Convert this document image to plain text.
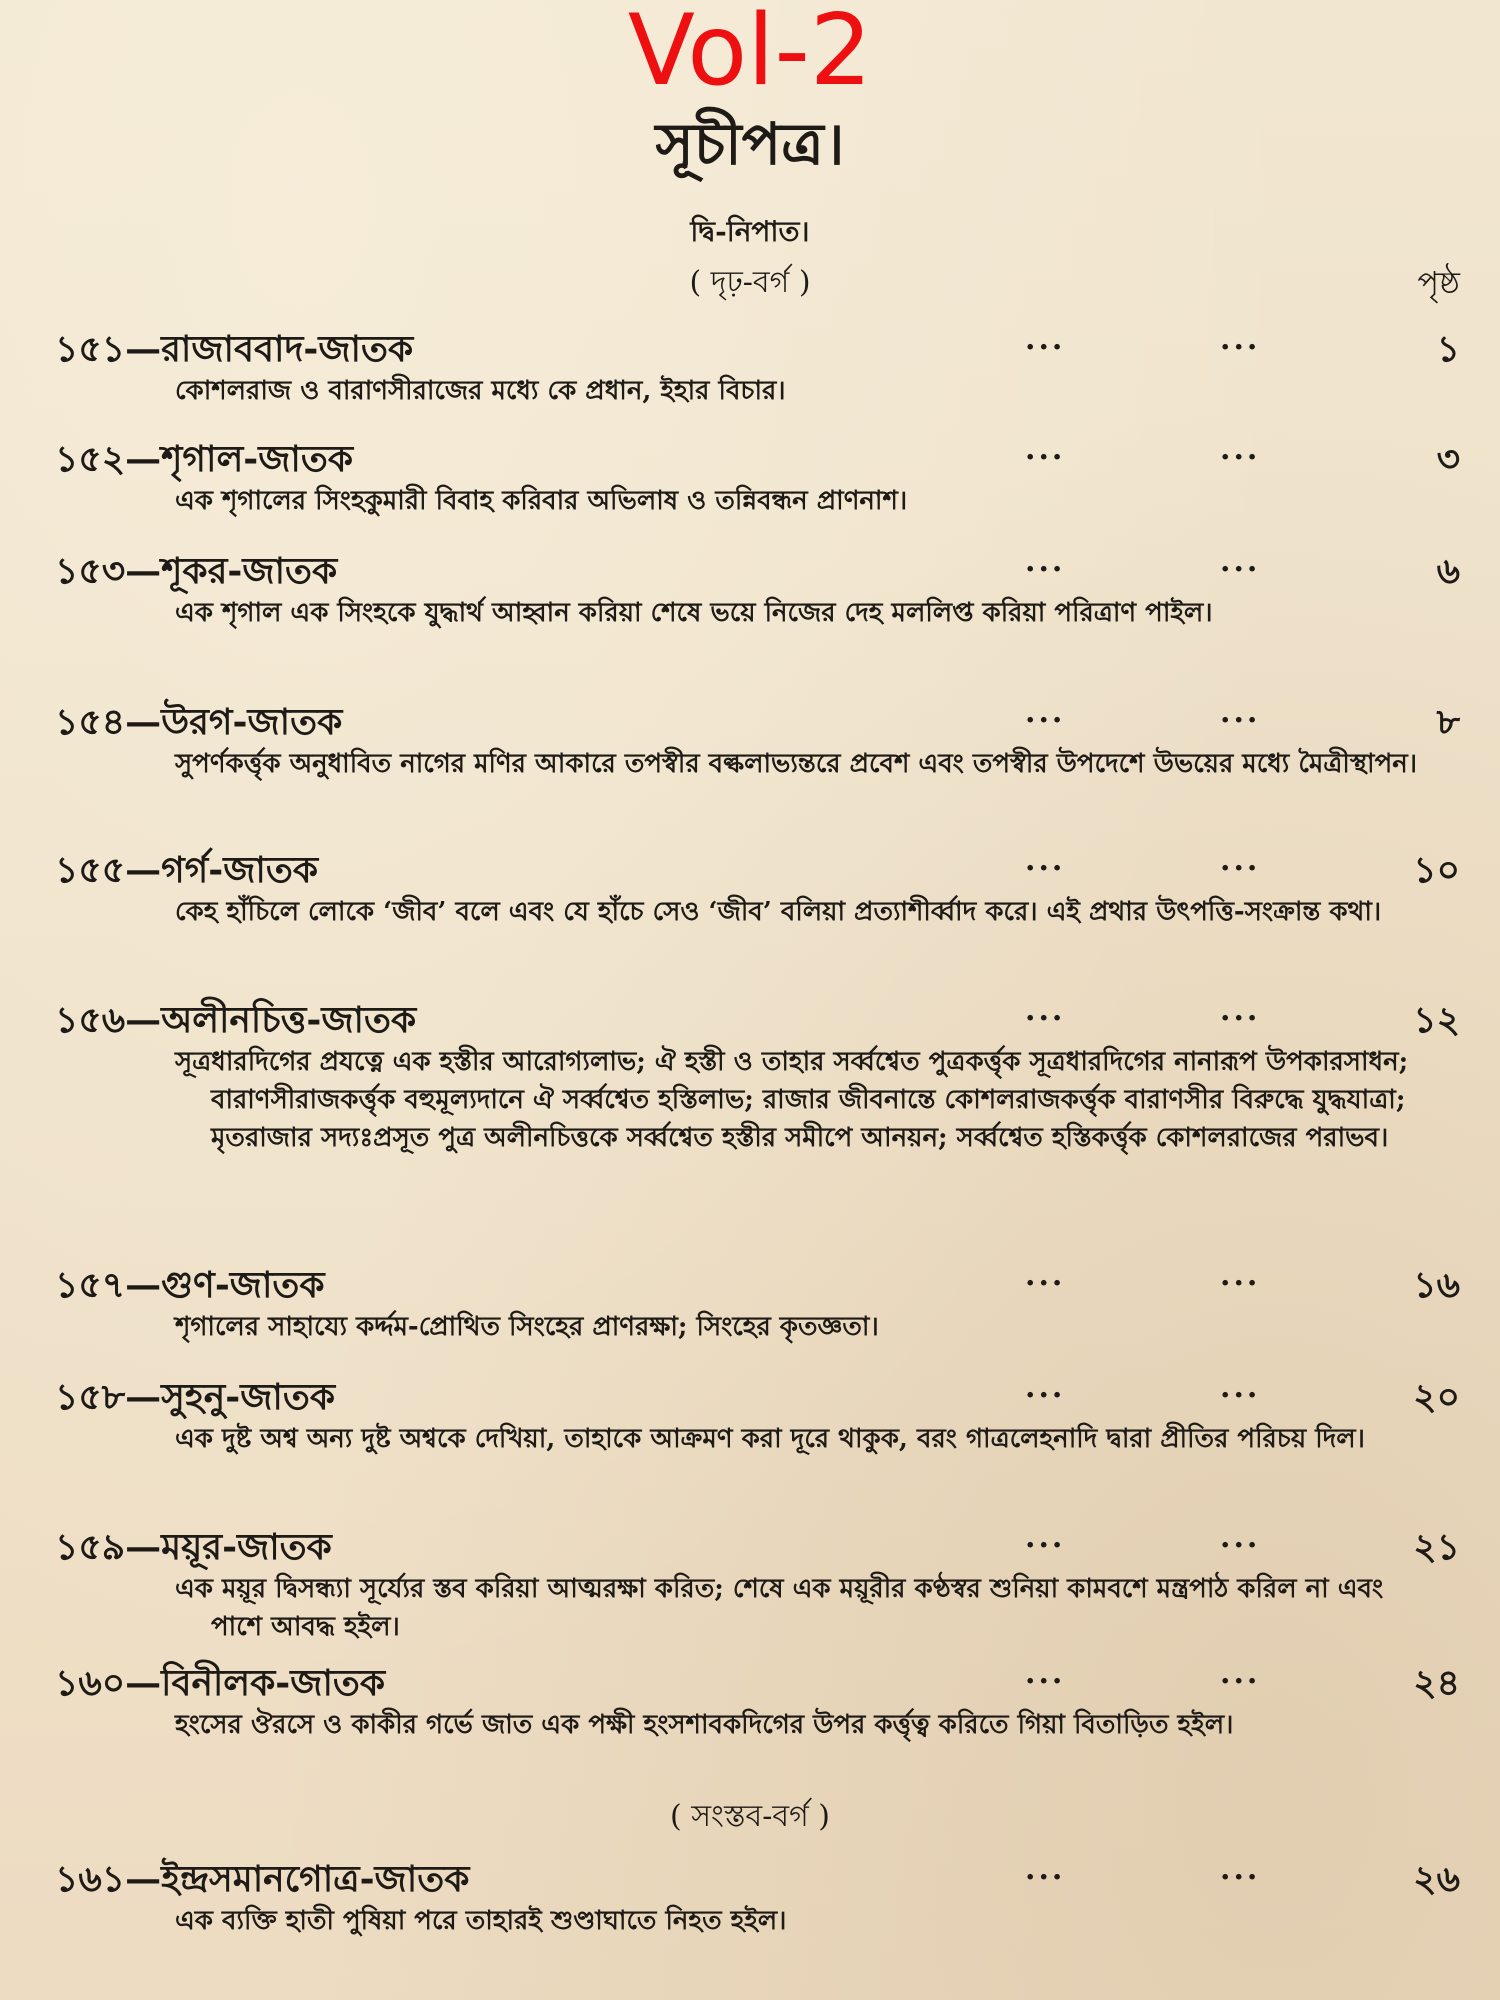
Vol-2
সূচীপত্র।
দ্বি-নিপাত।
( দৃঢ়-বর্গ )	পৃষ্ঠ
১৫১—রাজাববাদ-জাতক	...	...	১
কোশলরাজ ও বারাণসীরাজের মধ্যে কে প্রধান, ইহার বিচার।
১৫২—শৃগাল-জাতক	...	...	৩
এক শৃগালের সিংহকুমারী বিবাহ করিবার অভিলাষ ও তন্নিবন্ধন প্রাণনাশ।
১৫৩—শূকর-জাতক	...	...	৬
এক শৃগাল এক সিংহকে যুদ্ধার্থ আহ্বান করিয়া শেষে ভয়ে নিজের দেহ মললিপ্ত করিয়া পরিত্রাণ পাইল।
১৫৪—উরগ-জাতক	...	...	৮
সুপর্ণকর্ত্তৃক অনুধাবিত নাগের মণির আকারে তপস্বীর বল্কলাভ্যন্তরে প্রবেশ এবং তপস্বীর উপদেশে উভয়ের মধ্যে মৈত্রীস্থাপন।
১৫৫—গর্গ-জাতক	...	...	১০
কেহ হাঁচিলে লোকে ‘জীব’ বলে এবং যে হাঁচে সেও ‘জীব’ বলিয়া প্রত্যাশীর্ব্বাদ করে। এই প্রথার উৎপত্তি-সংক্রান্ত কথা।
১৫৬—অলীনচিত্ত-জাতক	...	...	১২
সূত্রধারদিগের প্রযত্নে এক হস্তীর আরোগ্যলাভ; ঐ হস্তী ও তাহার সর্ব্বশ্বেত পুত্রকর্ত্তৃক সূত্রধারদিগের নানারূপ উপকারসাধন; বারাণসীরাজকর্ত্তৃক বহুমূল্যদানে ঐ সর্ব্বশ্বেত হস্তিলাভ; রাজার জীবনান্তে কোশলরাজকর্ত্তৃক বারাণসীর বিরুদ্ধে যুদ্ধযাত্রা; মৃতরাজার সদ্যঃপ্রসূত পুত্র অলীনচিত্তকে সর্ব্বশ্বেত হস্তীর সমীপে আনয়ন; সর্ব্বশ্বেত হস্তিকর্ত্তৃক কোশলরাজের পরাভব।
১৫৭—গুণ-জাতক	...	...	১৬
শৃগালের সাহায্যে কর্দ্দম-প্রোথিত সিংহের প্রাণরক্ষা; সিংহের কৃতজ্ঞতা।
১৫৮—সুহনু-জাতক	...	...	২০
এক দুষ্ট অশ্ব অন্য দুষ্ট অশ্বকে দেখিয়া, তাহাকে আক্রমণ করা দূরে থাকুক, বরং গাত্রলেহনাদি দ্বারা প্রীতির পরিচয় দিল।
১৫৯—ময়ূর-জাতক	...	...	২১
এক ময়ূর দ্বিসন্ধ্যা সূর্য্যের স্তব করিয়া আত্মরক্ষা করিত; শেষে এক ময়ূরীর কণ্ঠস্বর শুনিয়া কামবশে মন্ত্রপাঠ করিল না এবং পাশে আবদ্ধ হইল।
১৬০—বিনীলক-জাতক	...	...	২৪
হংসের ঔরসে ও কাকীর গর্ভে জাত এক পক্ষী হংসশাবকদিগের উপর কর্ত্তৃত্ব করিতে গিয়া বিতাড়িত হইল।
( সংস্তব-বর্গ )
১৬১—ইন্দ্রসমানগোত্র-জাতক	...	...	২৬
এক ব্যক্তি হাতী পুষিয়া পরে তাহারই শুণ্ডাঘাতে নিহত হইল।
